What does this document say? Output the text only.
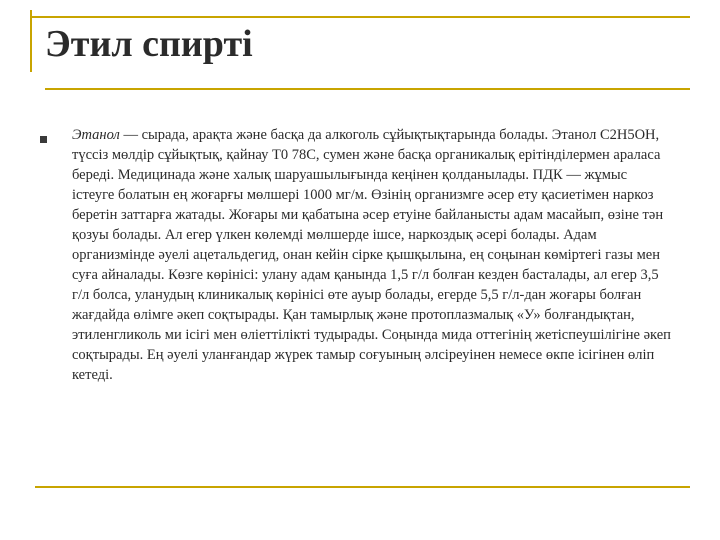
Этил спирті

Этанол — сырада, арақта және басқа да алкоголь сұйықтықтарында болады. Этанол C2H5OH, түссіз мөлдір сұйықтық, қайнау Т0 78С, сумен және басқа органикалық ерітінділермен араласа береді. Медицинада және халық шаруашылығында кеңінен қолданылады. ПДК — жұмыс істеуге болатын ең жоғарғы мөлшері 1000 мг/м. Өзінің организмге әсер ету қасиетімен наркоз беретін заттарға жатады. Жоғары ми қабатына әсер етуіне байланысты адам масайып, өзіне тән қозуы болады. Ал егер үлкен көлемді мөлшерде ішсе, наркоздық әсері болады. Адам организмінде әуелі ацетальдегид, онан кейін сірке қышқылына, ең соңынан көміртегі газы мен суға айналады. Көзге көрінісі: улану адам қанында 1,5 г/л болған кезден басталады, ал егер 3,5 г/л болса, уланудың клиникалық көрінісі өте ауыр болады, егерде 5,5 г/л-дан жоғары болған жағдайда өлімге әкеп соқтырады. Қан тамырлық және протоплазмалық «У» болғандықтан, этиленгликоль ми ісігі мен өліеттілікті тудырады. Соңында мида оттегінің жетіспеушілігіне әкеп соқтырады. Ең әуелі уланғандар жүрек тамыр соғуының әлсіреуінен немесе өкпе ісігінен өліп кетеді.
